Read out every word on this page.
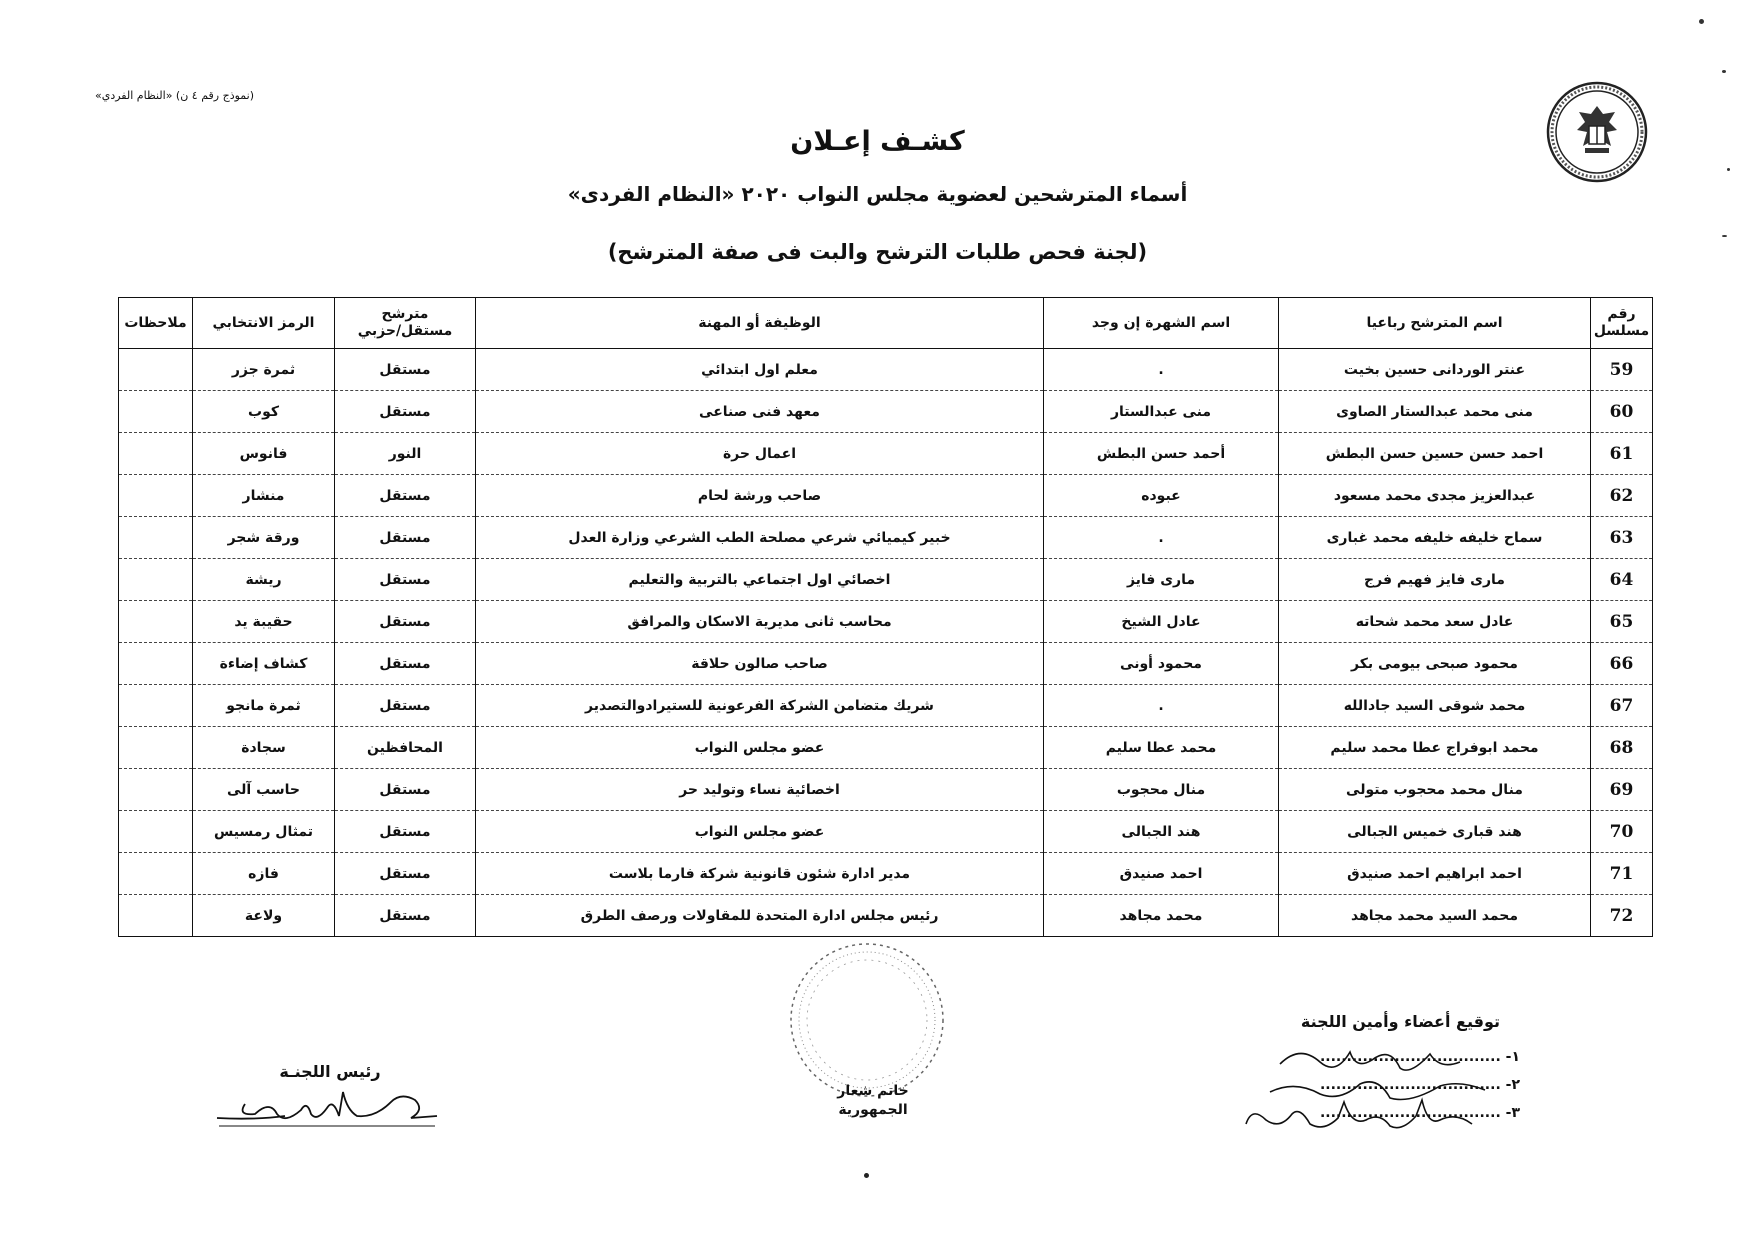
(نموذج رقم ٤ ن) «النظام الفردي»
كشـف إعـلان
أسماء المترشحين لعضوية مجلس النواب ٢٠٢٠ «النظام الفردى»
(لجنة فحص طلبات الترشح والبت فى صفة المترشح)
رقم مسلسل	اسم المترشح رباعيا	اسم الشهرة إن وجد	الوظيفة أو المهنة	مترشح مستقل/حزبي	الرمز الانتخابي	ملاحظات
59	عنتر الوردانى حسين بخيت	.	معلم اول ابتدائي	مستقل	ثمرة جزر	
60	منى محمد عبدالستار الصاوى	منى عبدالستار	معهد فنى صناعى	مستقل	كوب	
61	احمد حسن حسين حسن البطش	أحمد حسن البطش	اعمال حرة	النور	فانوس	
62	عبدالعزيز مجدى محمد مسعود	عبوده	صاحب ورشة لحام	مستقل	منشار	
63	سماح خليفه خليفه محمد غبارى	.	خبير كيميائي شرعي مصلحة الطب الشرعي وزارة العدل	مستقل	ورقة شجر	
64	مارى فايز فهيم فرج	مارى فايز	اخصائي اول اجتماعي بالتربية والتعليم	مستقل	ريشة	
65	عادل سعد محمد شحاته	عادل الشيخ	محاسب ثانى مديرية الاسكان والمرافق	مستقل	حقيبة يد	
66	محمود صبحى بيومى بكر	محمود أونى	صاحب صالون حلاقة	مستقل	كشاف إضاءة	
67	محمد شوقى السيد جادالله	.	شريك متضامن الشركة الفرعونية للستيرادوالتصدير	مستقل	ثمرة مانجو	
68	محمد ابوفراج عطا محمد سليم	محمد عطا سليم	عضو مجلس النواب	المحافظين	سجادة	
69	منال محمد محجوب متولى	منال محجوب	اخصائية نساء وتوليد حر	مستقل	حاسب آلى	
70	هند قبارى خميس الجبالى	هند الجبالى	عضو مجلس النواب	مستقل	تمثال رمسيس	
71	احمد ابراهيم احمد صنيدق	احمد صنيدق	مدير ادارة شئون قانونية شركة فارما بلاست	مستقل	فازه	
72	محمد السيد محمد مجاهد	محمد مجاهد	رئيس مجلس ادارة المتحدة للمقاولات ورصف الطرق	مستقل	ولاعة	
خاتم شعار الجمهورية
رئيس اللجنـة
توقيع أعضاء وأمين اللجنة
١- ..................................
٢- ..................................
٣- ..................................
